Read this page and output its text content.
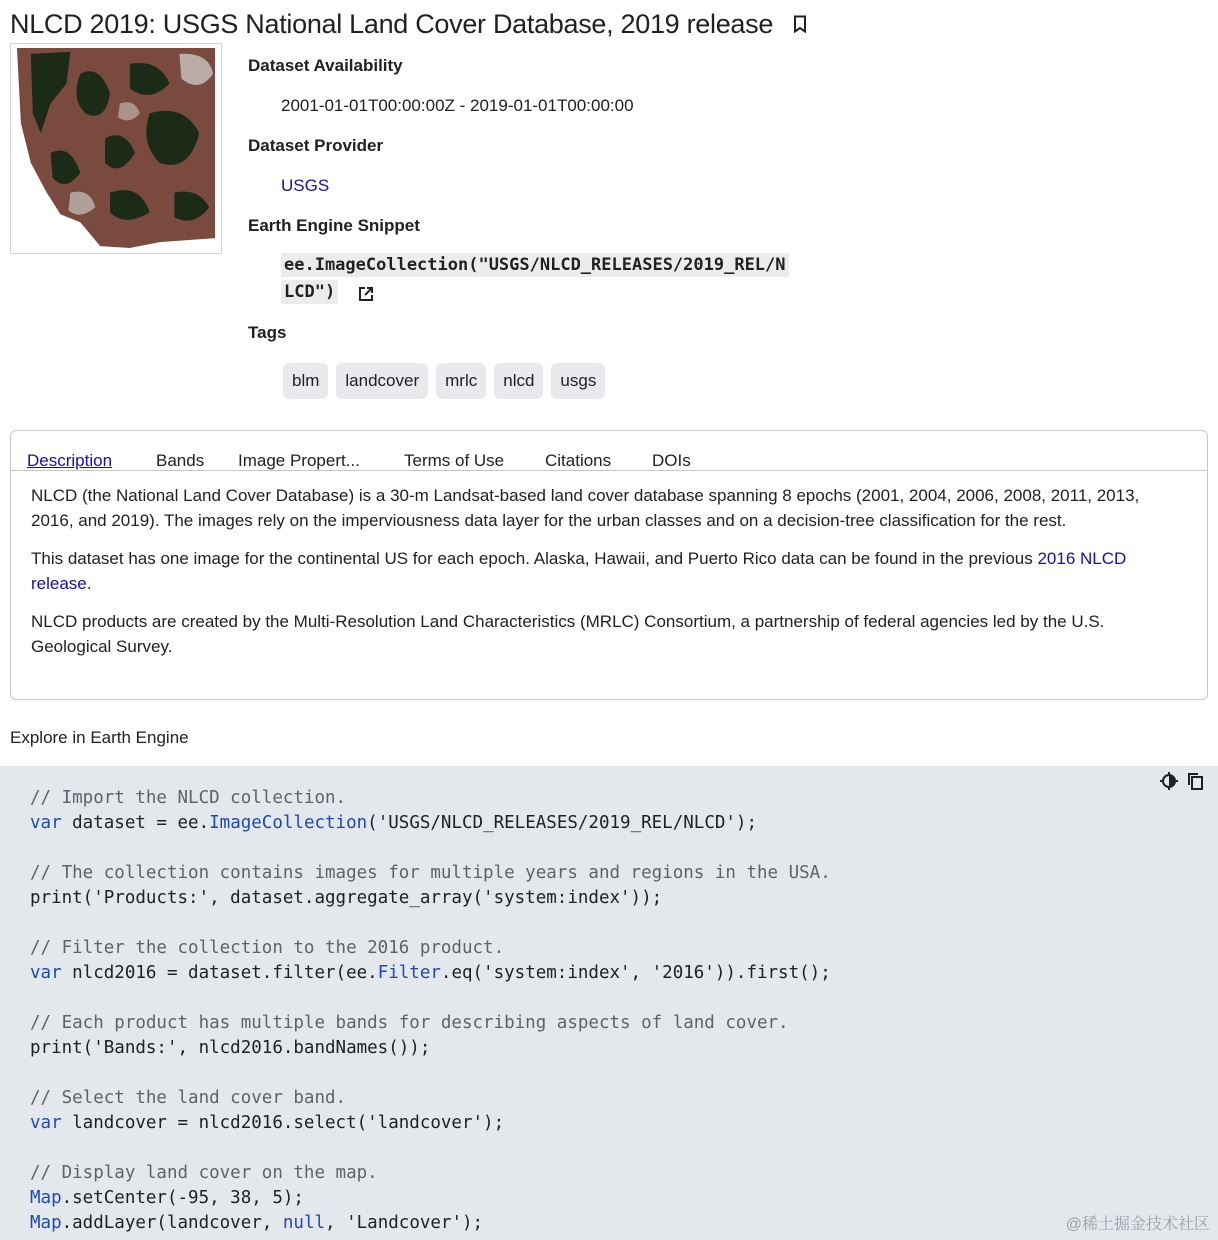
NLCD 2019: USGS National Land Cover Database, 2019 release
Dataset Availability
2001-01-01T00:00:00Z - 2019-01-01T00:00:00
Dataset Provider
USGS
Earth Engine Snippet
ee.ImageCollection("USGS/NLCD_RELEASES/2019_REL/N
LCD")
Tags
blm	landcover	mrlc	nlcd	usgs
Description	Bands Image Propert...	Terms of Use Citations DOIs

NLCD (the National Land Cover Database) is a 30-m Landsat-based land cover database spanning 8 epochs (2001, 2004, 2006, 2008, 2011, 2013, 2016, and 2019). The images rely on the imperviousness data layer for the urban classes and on a decision-tree classification for the rest.

This dataset has one image for the continental US for each epoch. Alaska, Hawaii, and Puerto Rico data can be found in the previous 2016 NLCD release.

NLCD products are created by the Multi-Resolution Land Characteristics (MRLC) Consortium, a partnership of federal agencies led by the U.S. Geological Survey.

Explore in Earth Engine
// Import the NLCD collection.
var dataset = ee.ImageCollection('USGS/NLCD_RELEASES/2019_REL/NLCD');

// The collection contains images for multiple years and regions in the USA.
print('Products:', dataset.aggregate_array('system:index'));

// Filter the collection to the 2016 product.
var nlcd2016 = dataset.filter(ee.Filter.eq('system:index', '2016')).first();

// Each product has multiple bands for describing aspects of land cover.
print('Bands:', nlcd2016.bandNames());

// Select the land cover band.
var landcover = nlcd2016.select('landcover');

// Display land cover on the map.
Map.setCenter(-95, 38, 5);
Map.addLayer(landcover, null, 'Landcover');	@稀土掘金技术社区
